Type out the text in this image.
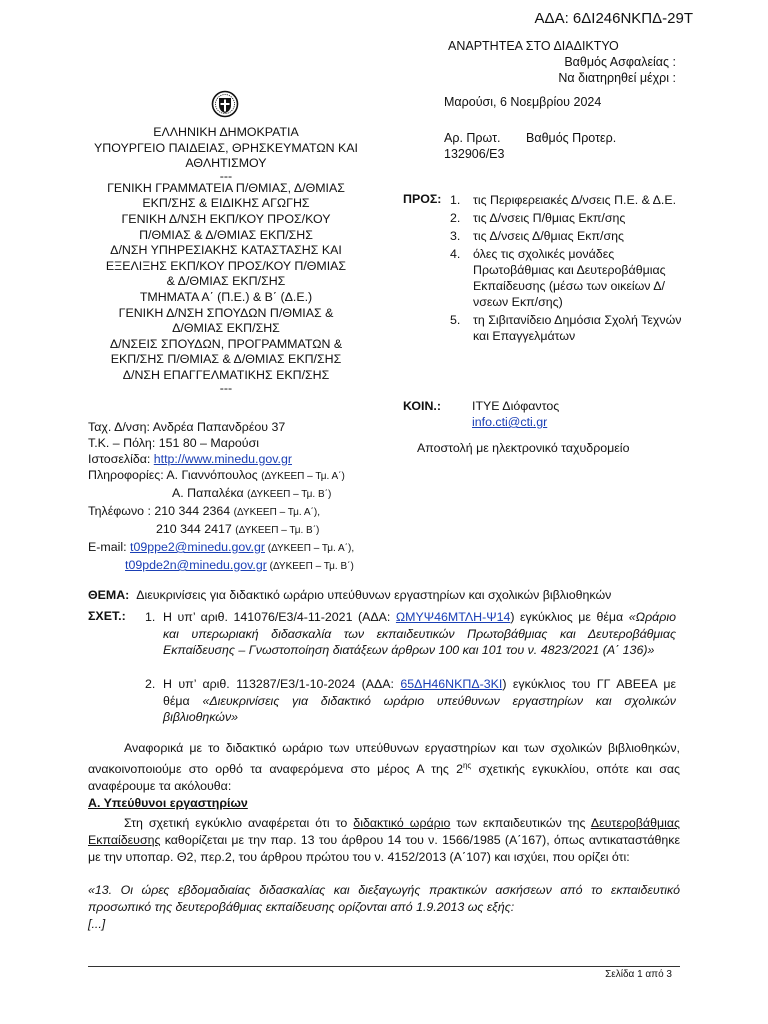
ΑΔΑ: 6ΔΙ246ΝΚΠΔ-29Τ
ΑΝΑΡΤΗΤΕΑ ΣΤΟ ΔΙΑΔΙΚΤΥΟ
Βαθμός Ασφαλείας :
Να διατηρηθεί μέχρι :
Μαρούσι, 6 Νοεμβρίου 2024
Αρ. Πρωτ. Βαθμός Προτερ.
132906/Ε3
ΕΛΛΗΝΙΚΗ ΔΗΜΟΚΡΑΤΙΑ
ΥΠΟΥΡΓΕΙΟ ΠΑΙΔΕΙΑΣ, ΘΡΗΣΚΕΥΜΑΤΩΝ ΚΑΙ
ΑΘΛΗΤΙΣΜΟΥ
---
ΓΕΝΙΚΗ ΓΡΑΜΜΑΤΕΙΑ Π/ΘΜΙΑΣ, Δ/ΘΜΙΑΣ
ΕΚΠ/ΣΗΣ & ΕΙΔΙΚΗΣ ΑΓΩΓΗΣ
ΓΕΝΙΚΗ Δ/ΝΣΗ ΕΚΠ/ΚΟΥ ΠΡΟΣ/ΚΟΥ
Π/ΘΜΙΑΣ & Δ/ΘΜΙΑΣ ΕΚΠ/ΣΗΣ
Δ/ΝΣΗ ΥΠΗΡΕΣΙΑΚΗΣ ΚΑΤΑΣΤΑΣΗΣ ΚΑΙ
ΕΞΕΛΙΞΗΣ ΕΚΠ/ΚΟΥ ΠΡΟΣ/ΚΟΥ Π/ΘΜΙΑΣ
& Δ/ΘΜΙΑΣ ΕΚΠ/ΣΗΣ
ΤΜΗΜΑΤΑ Α΄ (Π.Ε.) & Β΄ (Δ.Ε.)
ΓΕΝΙΚΗ Δ/ΝΣΗ ΣΠΟΥΔΩΝ Π/ΘΜΙΑΣ &
Δ/ΘΜΙΑΣ ΕΚΠ/ΣΗΣ
Δ/ΝΣΕΙΣ ΣΠΟΥΔΩΝ, ΠΡΟΓΡΑΜΜΑΤΩΝ &
ΕΚΠ/ΣΗΣ Π/ΘΜΙΑΣ & Δ/ΘΜΙΑΣ ΕΚΠ/ΣΗΣ
Δ/ΝΣΗ ΕΠΑΓΓΕΛΜΑΤΙΚΗΣ ΕΚΠ/ΣΗΣ
---
Ταχ. Δ/νση: Ανδρέα Παπανδρέου 37
Τ.Κ. – Πόλη: 151 80 – Μαρούσι
Ιστοσελίδα: http://www.minedu.gov.gr
Πληροφορίες: Α. Γιαννόπουλος (ΔΥΚΕΕΠ – Τμ. Α΄)
Α. Παπαλέκα (ΔΥΚΕΕΠ – Τμ. Β΄)
Τηλέφωνο : 210 344 2364 (ΔΥΚΕΕΠ – Τμ. Α΄),
210 344 2417 (ΔΥΚΕΕΠ – Τμ. Β΄)
E-mail: t09ppe2@minedu.gov.gr (ΔΥΚΕΕΠ – Τμ. Α΄),
t09pde2n@minedu.gov.gr (ΔΥΚΕΕΠ – Τμ. Β΄)
ΠΡΟΣ: 1. τις Περιφερειακές Δ/νσεις Π.Ε. & Δ.Ε.
2. τις Δ/νσεις Π/θμιας Εκπ/σης
3. τις Δ/νσεις Δ/θμιας Εκπ/σης
4. όλες τις σχολικές μονάδες Πρωτοβάθμιας και Δευτεροβάθμιας Εκπαίδευσης (μέσω των οικείων Δ/νσεων Εκπ/σης)
5. τη Σιβιτανίδειο Δημόσια Σχολή Τεχνών και Επαγγελμάτων
ΚΟΙΝ.:	ΙΤΥΕ Διόφαντος
info.cti@cti.gr
Αποστολή με ηλεκτρονικό ταχυδρομείο
ΘΕΜΑ: Διευκρινίσεις για διδακτικό ωράριο υπεύθυνων εργαστηρίων και σχολικών βιβλιοθηκών
ΣΧΕΤ.: 1. Η υπ’ αριθ. 141076/Ε3/4-11-2021 (ΑΔΑ: ΩΜΥΨ46ΜΤΛΗ-Ψ14) εγκύκλιος με θέμα «Ωράριο και υπερωριακή διδασκαλία των εκπαιδευτικών Πρωτοβάθμιας και Δευτεροβάθμιας Εκπαίδευσης – Γνωστοποίηση διατάξεων άρθρων 100 και 101 του ν. 4823/2021 (Α΄ 136)»
2. Η υπ’ αριθ. 113287/Ε3/1-10-2024 (ΑΔΑ: 65ΔΗ46ΝΚΠΔ-3ΚΙ) εγκύκλιος του ΓΓ ΑΒΕΕΑ με θέμα «Διευκρινίσεις για διδακτικό ωράριο υπεύθυνων εργαστηρίων και σχολικών βιβλιοθηκών»
Αναφορικά με το διδακτικό ωράριο των υπεύθυνων εργαστηρίων και των σχολικών βιβλιοθηκών, ανακοινοποιούμε στο ορθό τα αναφερόμενα στο μέρος Α της $2^{\eta\varsigma}$ σχετικής εγκυκλίου, οπότε και σας αναφέρουμε τα ακόλουθα:
Α. Υπεύθυνοι εργαστηρίων
Στη σχετική εγκύκλιο αναφέρεται ότι το διδακτικό ωράριο των εκπαιδευτικών της Δευτεροβάθμιας Εκπαίδευσης καθορίζεται με την παρ. 13 του άρθρου 14 του ν. 1566/1985 (Α΄167), όπως αντικαταστάθηκε με την υποπαρ. Θ2, περ.2, του άρθρου πρώτου του ν. 4152/2013 (Α΄107) και ισχύει, που ορίζει ότι:
«13. Οι ώρες εβδομαδιαίας διδασκαλίας και διεξαγωγής πρακτικών ασκήσεων από το εκπαιδευτικό προσωπικό της δευτεροβάθμιας εκπαίδευσης ορίζονται από 1.9.2013 ως εξής:
[...]
Σελίδα 1 από 3
